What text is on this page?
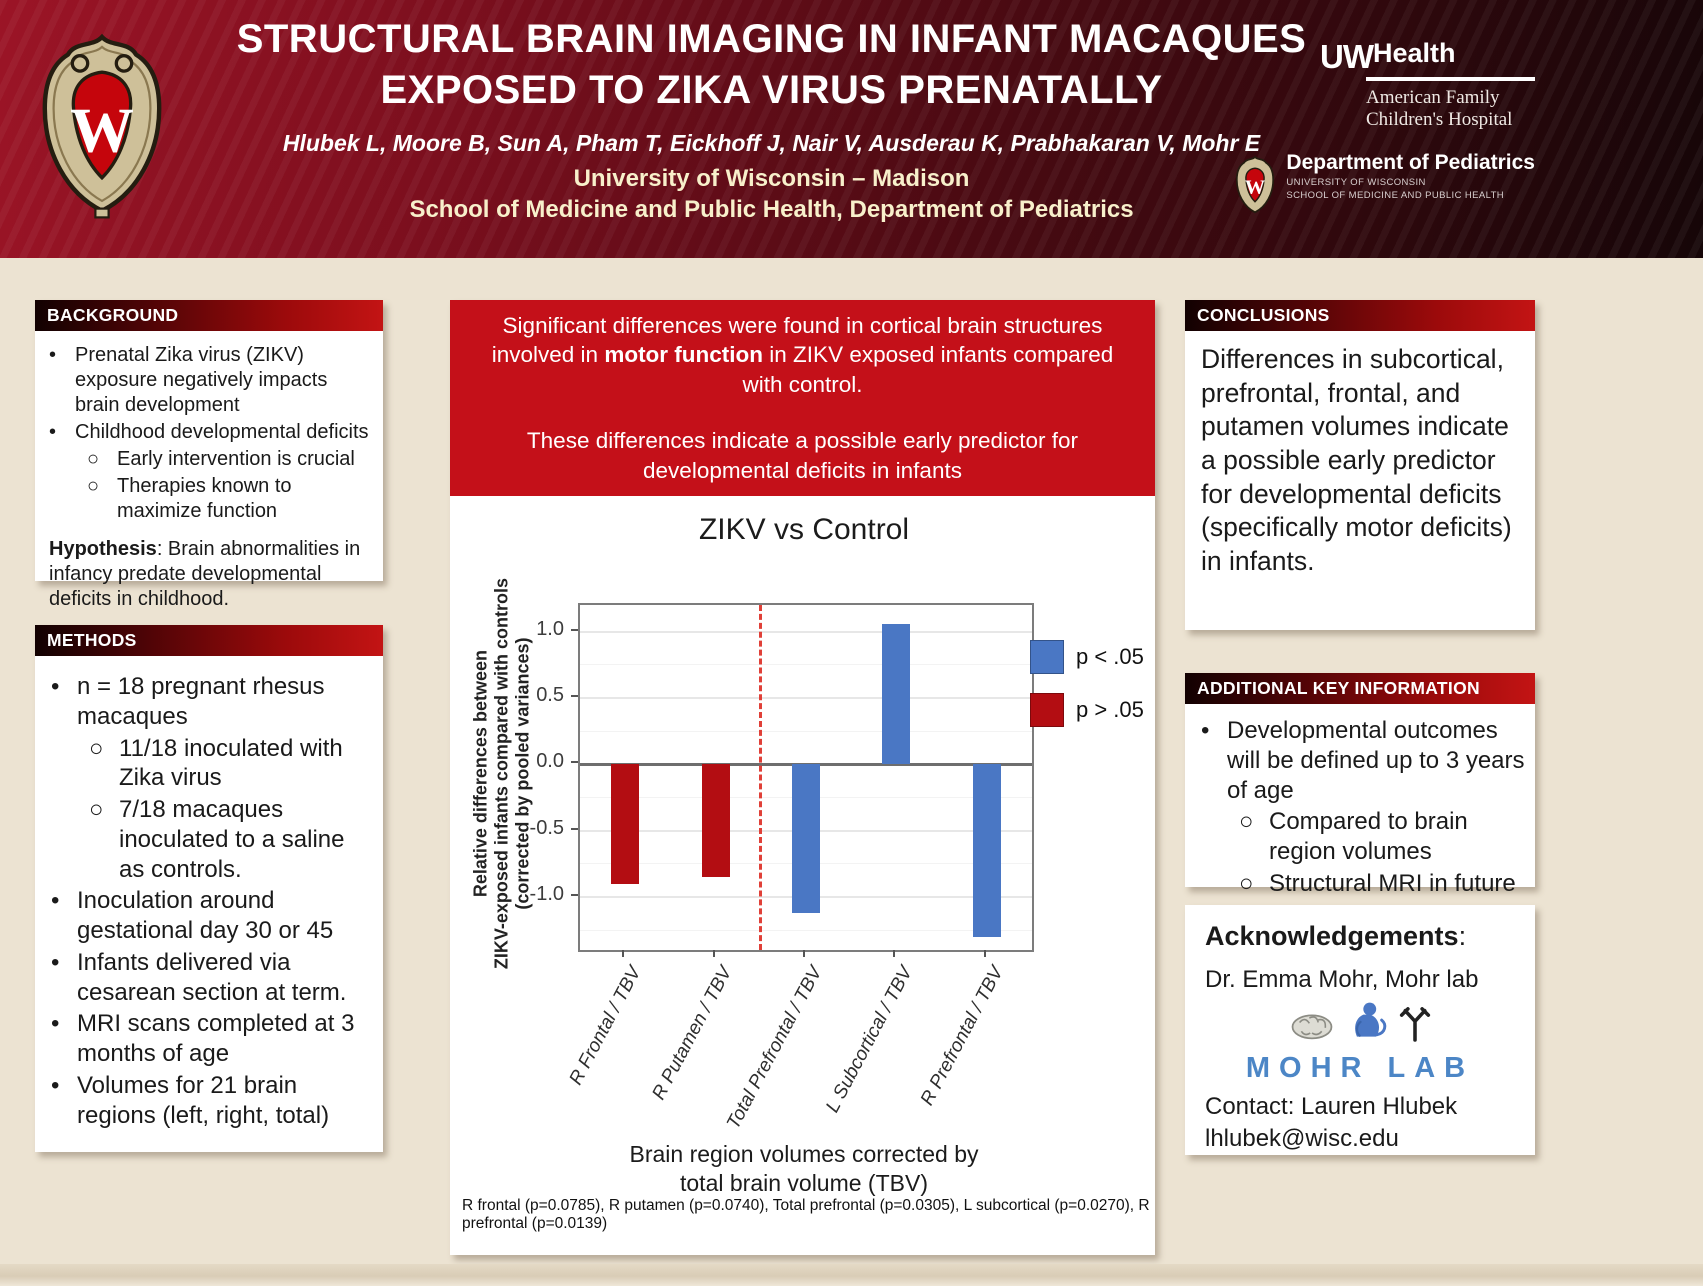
W
STRUCTURAL BRAIN IMAGING IN INFANT MACAQUES
EXPOSED TO ZIKA VIRUS PRENATALLY
Hlubek L, Moore B, Sun A, Pham T, Eickhoff J, Nair V, Ausderau K, Prabhakaran V, Mohr E
University of Wisconsin – Madison
School of Medicine and Public Health, Department of Pediatrics
UWHealth
American Family
Children's Hospital
W
Department of Pediatrics
UNIVERSITY OF WISCONSIN
SCHOOL OF MEDICINE AND PUBLIC HEALTH
BACKGROUND
• Prenatal Zika virus (ZIKV) exposure negatively impacts brain development
• Childhood developmental deficits
○ Early intervention is crucial
○ Therapies known to maximize function
Hypothesis: Brain abnormalities in infancy predate developmental deficits in childhood.
METHODS
• n = 18 pregnant rhesus macaques
○ 11/18 inoculated with Zika virus
○ 7/18 macaques inoculated to a saline as controls.
• Inoculation around gestational day 30 or 45
• Infants delivered via cesarean section at term.
• MRI scans completed at 3 months of age
• Volumes for 21 brain regions (left, right, total)
Significant differences were found in cortical brain structures involved in motor function in ZIKV exposed infants compared with control.
These differences indicate a possible early predictor for developmental deficits in infants
ZIKV vs Control
Relative differences between ZIKV-exposed infants compared with controls (corrected by pooled variances)
Brain region volumes corrected by
total brain volume (TBV)
p < .05
p > .05
1.0
0.5
0.0
-0.5
-1.0
R Frontal / TBV R Putamen / TBV
Total Prefrontal / TBV
L Subcortical / TBV R Prefrontal / TBV
R frontal (p=0.0785), R putamen (p=0.0740), Total prefrontal (p=0.0305), L subcortical (p=0.0270), R prefrontal (p=0.0139)
CONCLUSIONS
Differences in subcortical, prefrontal, frontal, and putamen volumes indicate a possible early predictor for developmental deficits (specifically motor deficits) in infants.
ADDITIONAL KEY INFORMATION
• Developmental outcomes will be defined up to 3 years of age
○ Compared to brain region volumes
○ Structural MRI in future
Acknowledgements:
Dr. Emma Mohr, Mohr lab
MOHR LAB
Contact: Lauren Hlubek
lhlubek@wisc.edu
